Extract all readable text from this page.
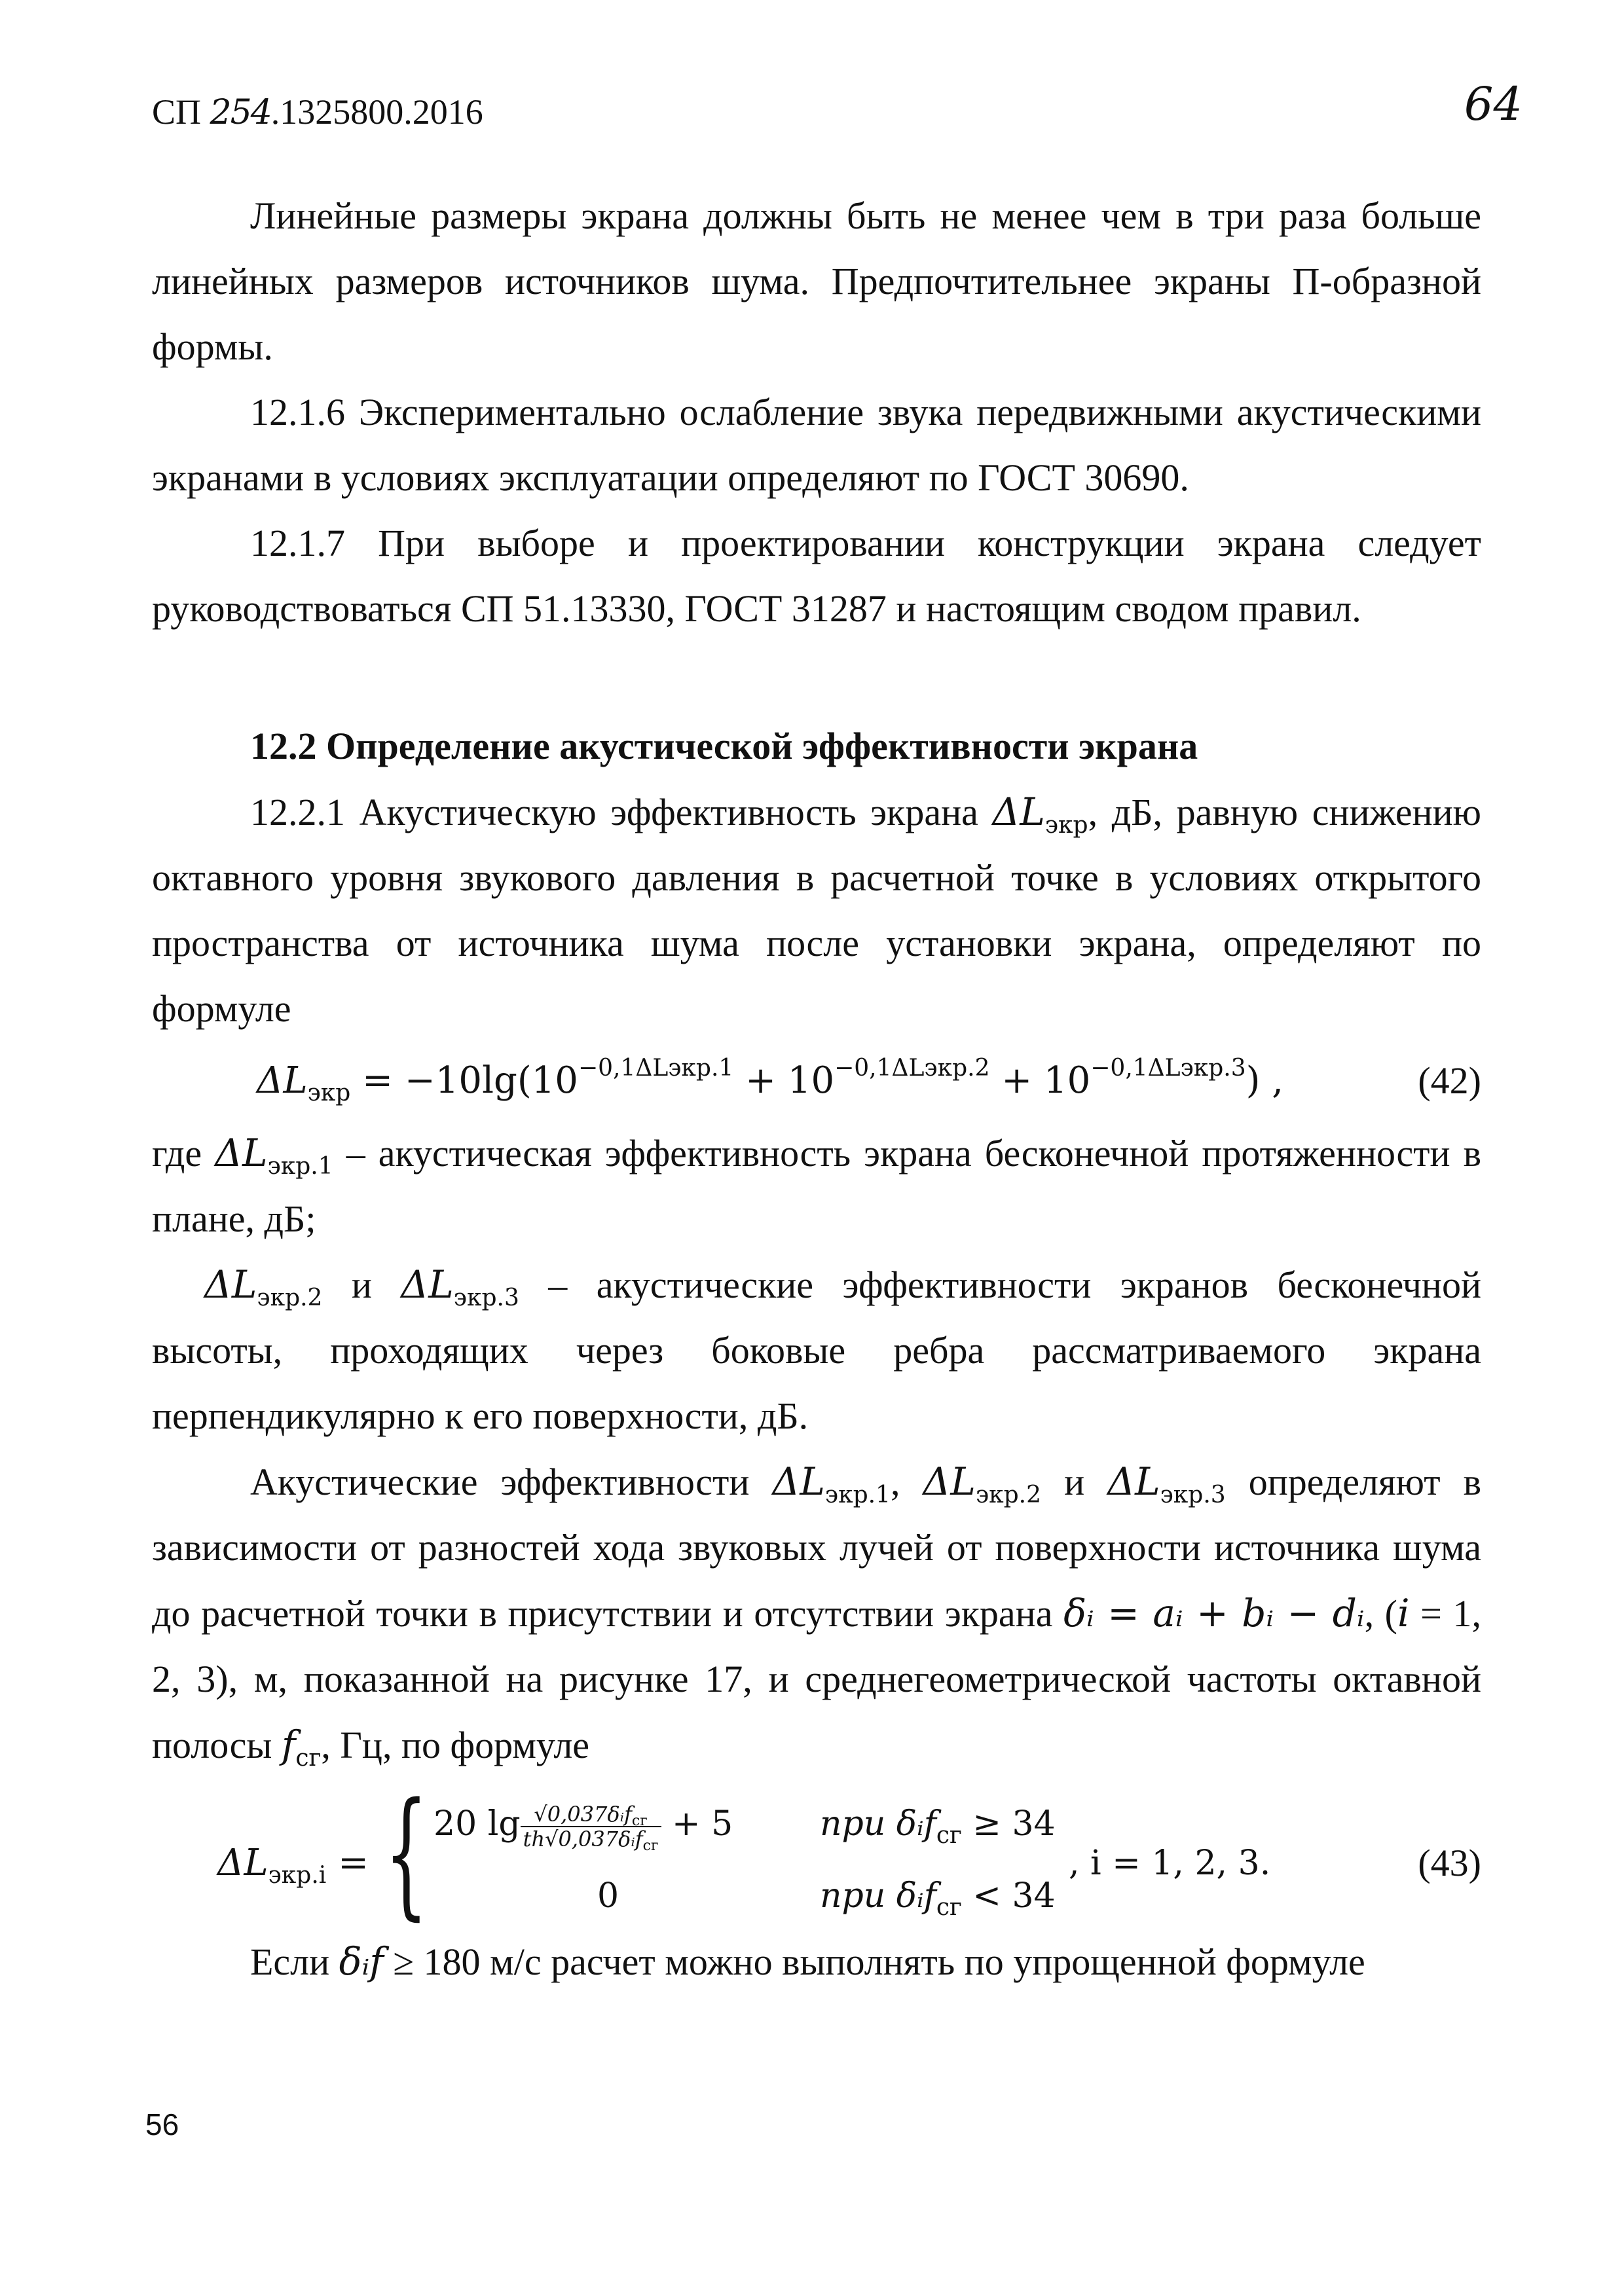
СП 254.1325800.2016	64

Линейные размеры экрана должны быть не менее чем в три раза больше линейных размеров источников шума. Предпочтительнее экраны П-образной формы.

12.1.6 Экспериментально ослабление звука передвижными акустическими экранами в условиях эксплуатации определяют по ГОСТ 30690.

12.1.7 При выборе и проектировании конструкции экрана следует руководствоваться СП 51.13330, ГОСТ 31287 и настоящим сводом правил.

12.2 Определение акустической эффективности экрана

12.2.1 Акустическую эффективность экрана $\Delta L_{экр}$, дБ, равную снижению октавного уровня звукового давления в расчетной точке в условиях открытого пространства от источника шума после установки экрана, определяют по формуле

$\Delta L_{экр} = -10\lg(10^{-0,1\Delta Lэкр.1} + 10^{-0,1\Delta Lэкр.2} + 10^{-0,1\Delta Lэкр.3})$ ,	(42)

где $\Delta L_{экр.1}$ – акустическая эффективность экрана бесконечной протяженности в плане, дБ;

$\Delta L_{экр.2}$ и $\Delta L_{экр.3}$ – акустические эффективности экранов бесконечной высоты, проходящих через боковые ребра рассматриваемого экрана перпендикулярно к его поверхности, дБ.

Акустические эффективности $\Delta L_{экр.1}$, $\Delta L_{экр.2}$ и $\Delta L_{экр.3}$ определяют в зависимости от разностей хода звуковых лучей от поверхности источника шума до расчетной точки в присутствии и отсутствии экрана δᵢ = aᵢ + bᵢ − dᵢ, (i = 1, 2, 3), м, показанной на рисунке 17, и среднегеометрической частоты октавной полосы $f_{сг}$, Гц, по формуле

$\Delta L_{экр.i}$ = { 20 $\lg \frac{√0,037\delta ᵢf_{сг}}{th√0,037\delta ᵢf_{сг}} + 5$
0
при δᵢf$_{сг}$ ≥ 34
при δᵢf$_{сг}$ < 34
, i = 1, 2, 3.	(43)

Если δᵢf ≥ 180 м/с расчет можно выполнять по упрощенной формуле

56
